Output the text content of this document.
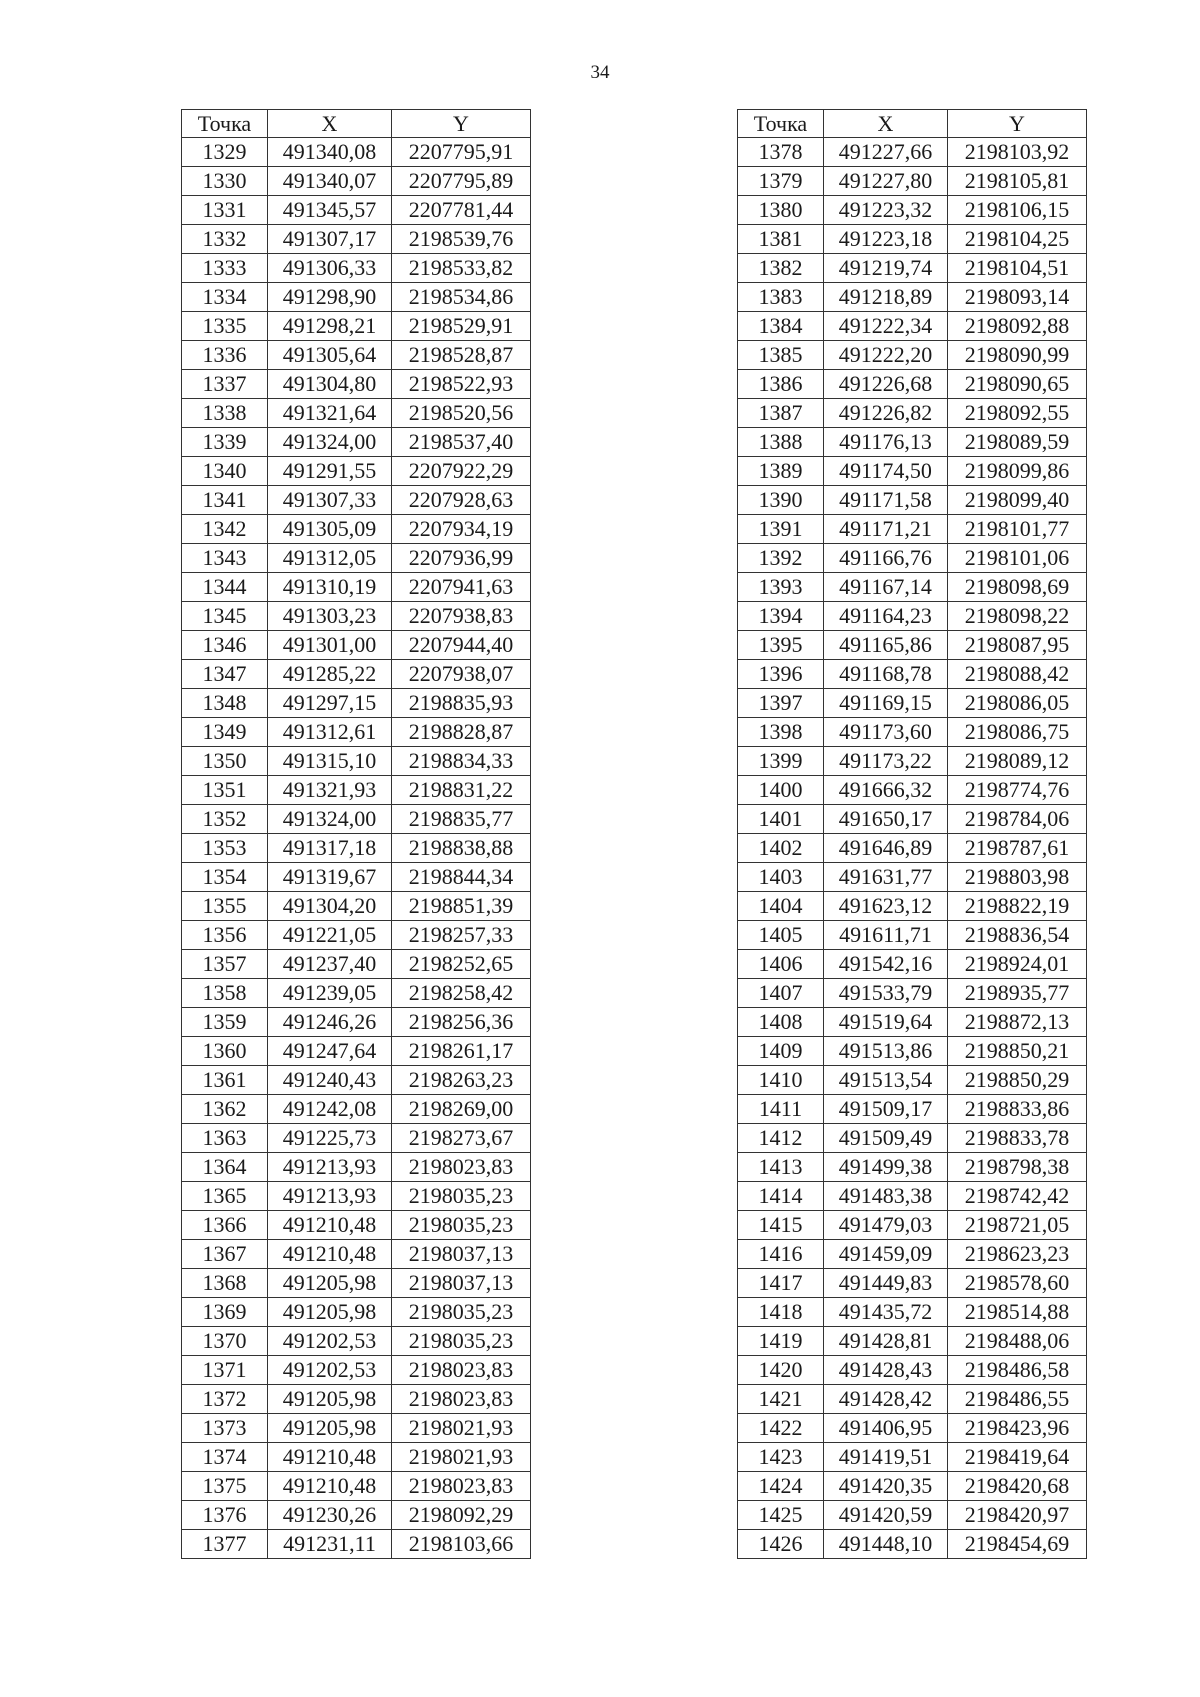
34
Точка	X	Y
1329	491340,08	2207795,91
1330	491340,07	2207795,89
1331	491345,57	2207781,44
1332	491307,17	2198539,76
1333	491306,33	2198533,82
1334	491298,90	2198534,86
1335	491298,21	2198529,91
1336	491305,64	2198528,87
1337	491304,80	2198522,93
1338	491321,64	2198520,56
1339	491324,00	2198537,40
1340	491291,55	2207922,29
1341	491307,33	2207928,63
1342	491305,09	2207934,19
1343	491312,05	2207936,99
1344	491310,19	2207941,63
1345	491303,23	2207938,83
1346	491301,00	2207944,40
1347	491285,22	2207938,07
1348	491297,15	2198835,93
1349	491312,61	2198828,87
1350	491315,10	2198834,33
1351	491321,93	2198831,22
1352	491324,00	2198835,77
1353	491317,18	2198838,88
1354	491319,67	2198844,34
1355	491304,20	2198851,39
1356	491221,05	2198257,33
1357	491237,40	2198252,65
1358	491239,05	2198258,42
1359	491246,26	2198256,36
1360	491247,64	2198261,17
1361	491240,43	2198263,23
1362	491242,08	2198269,00
1363	491225,73	2198273,67
1364	491213,93	2198023,83
1365	491213,93	2198035,23
1366	491210,48	2198035,23
1367	491210,48	2198037,13
1368	491205,98	2198037,13
1369	491205,98	2198035,23
1370	491202,53	2198035,23
1371	491202,53	2198023,83
1372	491205,98	2198023,83
1373	491205,98	2198021,93
1374	491210,48	2198021,93
1375	491210,48	2198023,83
1376	491230,26	2198092,29
1377	491231,11	2198103,66
Точка	X	Y
1378	491227,66	2198103,92
1379	491227,80	2198105,81
1380	491223,32	2198106,15
1381	491223,18	2198104,25
1382	491219,74	2198104,51
1383	491218,89	2198093,14
1384	491222,34	2198092,88
1385	491222,20	2198090,99
1386	491226,68	2198090,65
1387	491226,82	2198092,55
1388	491176,13	2198089,59
1389	491174,50	2198099,86
1390	491171,58	2198099,40
1391	491171,21	2198101,77
1392	491166,76	2198101,06
1393	491167,14	2198098,69
1394	491164,23	2198098,22
1395	491165,86	2198087,95
1396	491168,78	2198088,42
1397	491169,15	2198086,05
1398	491173,60	2198086,75
1399	491173,22	2198089,12
1400	491666,32	2198774,76
1401	491650,17	2198784,06
1402	491646,89	2198787,61
1403	491631,77	2198803,98
1404	491623,12	2198822,19
1405	491611,71	2198836,54
1406	491542,16	2198924,01
1407	491533,79	2198935,77
1408	491519,64	2198872,13
1409	491513,86	2198850,21
1410	491513,54	2198850,29
1411	491509,17	2198833,86
1412	491509,49	2198833,78
1413	491499,38	2198798,38
1414	491483,38	2198742,42
1415	491479,03	2198721,05
1416	491459,09	2198623,23
1417	491449,83	2198578,60
1418	491435,72	2198514,88
1419	491428,81	2198488,06
1420	491428,43	2198486,58
1421	491428,42	2198486,55
1422	491406,95	2198423,96
1423	491419,51	2198419,64
1424	491420,35	2198420,68
1425	491420,59	2198420,97
1426	491448,10	2198454,69
